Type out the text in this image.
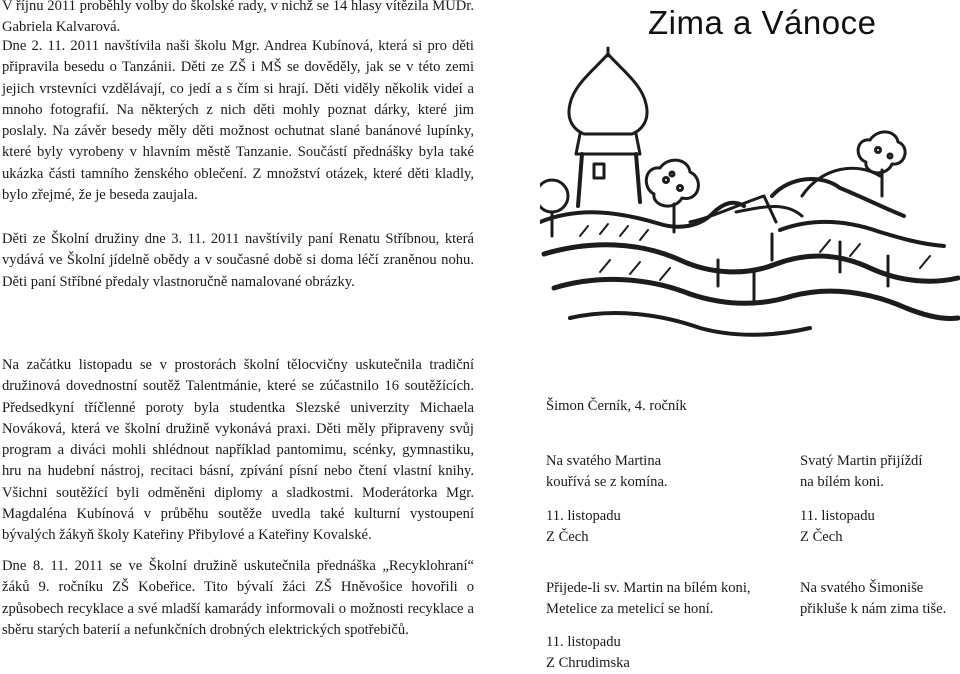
V říjnu 2011 proběhly volby do školské rady, v nichž se 14 hlasy vítězila MUDr. Gabriela Kalvarová.

Dne 2. 11. 2011 navštívila naši školu Mgr. Andrea Kubínová, která si pro děti připravila besedu o Tanzánii. Děti ze ZŠ i MŠ se dověděly, jak se v této zemi jejich vrstevníci vzdělávají, co jedí a s čím si hrají. Děti viděly několik videí a mnoho fotografií. Na některých z nich děti mohly poznat dárky, které jim poslaly. Na závěr besedy měly děti možnost ochutnat slané banánové lupínky, které byly vyrobeny v hlavním městě Tanzanie. Součástí přednášky byla také ukázka části tamního ženského oblečení. Z množství otázek, které děti kladly, bylo zřejmé, že je beseda zaujala.

Děti ze Školní družiny dne 3. 11. 2011 navštívily paní Renatu Stříbnou, která vydává ve Školní jídelně obědy a v současné době si doma léčí zraněnou nohu. Děti paní Stříbné předaly vlastnoručně namalované obrázky.

Na začátku listopadu se v prostorách školní tělocvičny uskutečnila tradiční družinová dovednostní soutěž Talentmánie, které se zúčastnilo 16 soutěžících. Předsedkyní tříčlenné poroty byla studentka Slezské univerzity Michaela Nováková, která ve školní družině vykonává praxi. Děti měly připraveny svůj program a diváci mohli shlédnout například pantomimu, scénky, gymnastiku, hru na hudební nástroj, recitaci básní, zpívání písní nebo čtení vlastní knihy. Všichni soutěžící byli odměněni diplomy a sladkostmi. Moderátorka Mgr. Magdaléna Kubínová v průběhu soutěže uvedla také kulturní vystoupení bývalých žákyň školy Kateřiny Přibylové a Kateřiny Kovalské.

Dne 8. 11. 2011 se ve Školní družině uskutečnila přednáška „Recyklohraní“ žáků 9. ročníku ZŠ Kobeřice. Tito bývalí žáci ZŠ Hněvošice hovořili o způsobech recyklace a své mladší kamarády informovali o možnosti recyklace a sběru starých baterií a nefunkčních drobných elektrických spotřebičů.

Zima a Vánoce

Šimon Černík, 4. ročník

Na svatého Martina

kouřívá se z komína.

Svatý Martin přijíždí

na bílém koni.

11. listopadu

Z Čech

11. listopadu

Z Čech

Přijede-li sv. Martin na bílém koni,

Metelice za metelicí se honí.

Na svatého Šimoniše

přikluše k nám zima tiše.

11. listopadu

Z Chrudimska
